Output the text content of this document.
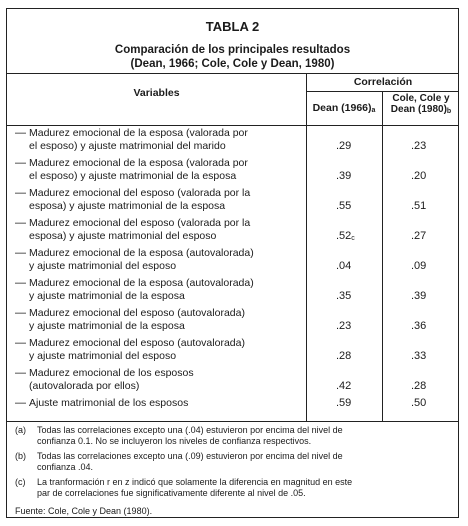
TABLA 2
Comparación de los principales resultados
(Dean, 1966; Cole, Cole y Dean, 1980)
Variables
Correlación
Dean (1966)a
Cole, Cole y
Dean (1980)b
— Madurez emocional de la esposa (valorada por
el esposo) y ajuste matrimonial del marido	.29	.23
— Madurez emocional de la esposa (valorada por
el esposo) y ajuste matrimonial de la esposa	.39	.20
— Madurez emocional del esposo (valorada por la
esposa) y ajuste matrimonial de la esposa	.55	.51
— Madurez emocional del esposo (valorada por la
esposa) y ajuste matrimonial del esposo	.52c	.27
— Madurez emocional de la esposa (autovalorada)
y ajuste matrimonial del esposo	.04	.09
— Madurez emocional de la esposa (autovalorada)
y ajuste matrimonial de la esposa	.35	.39
— Madurez emocional del esposo (autovalorada)
y ajuste matrimonial de la esposa	.23	.36
— Madurez emocional del esposo (autovalorada)
y ajuste matrimonial del esposo	.28	.33
— Madurez emocional de los esposos
(autovalorada por ellos)	.42	.28
— Ajuste matrimonial de los esposos	.59	.50
(a) Todas las correlaciones excepto una (.04) estuvieron por encima del nivel de
confianza 0.1. No se incluyeron los niveles de confianza respectivos.
(b) Todas las correlaciones excepto una (.09) estuvieron por encima del nivel de
confianza .04.
(c) La tranformación r en z indicó que solamente la diferencia en magnitud en este
par de correlaciones fue significativamente diferente al nivel de .05.
Fuente: Cole, Cole y Dean (1980).
